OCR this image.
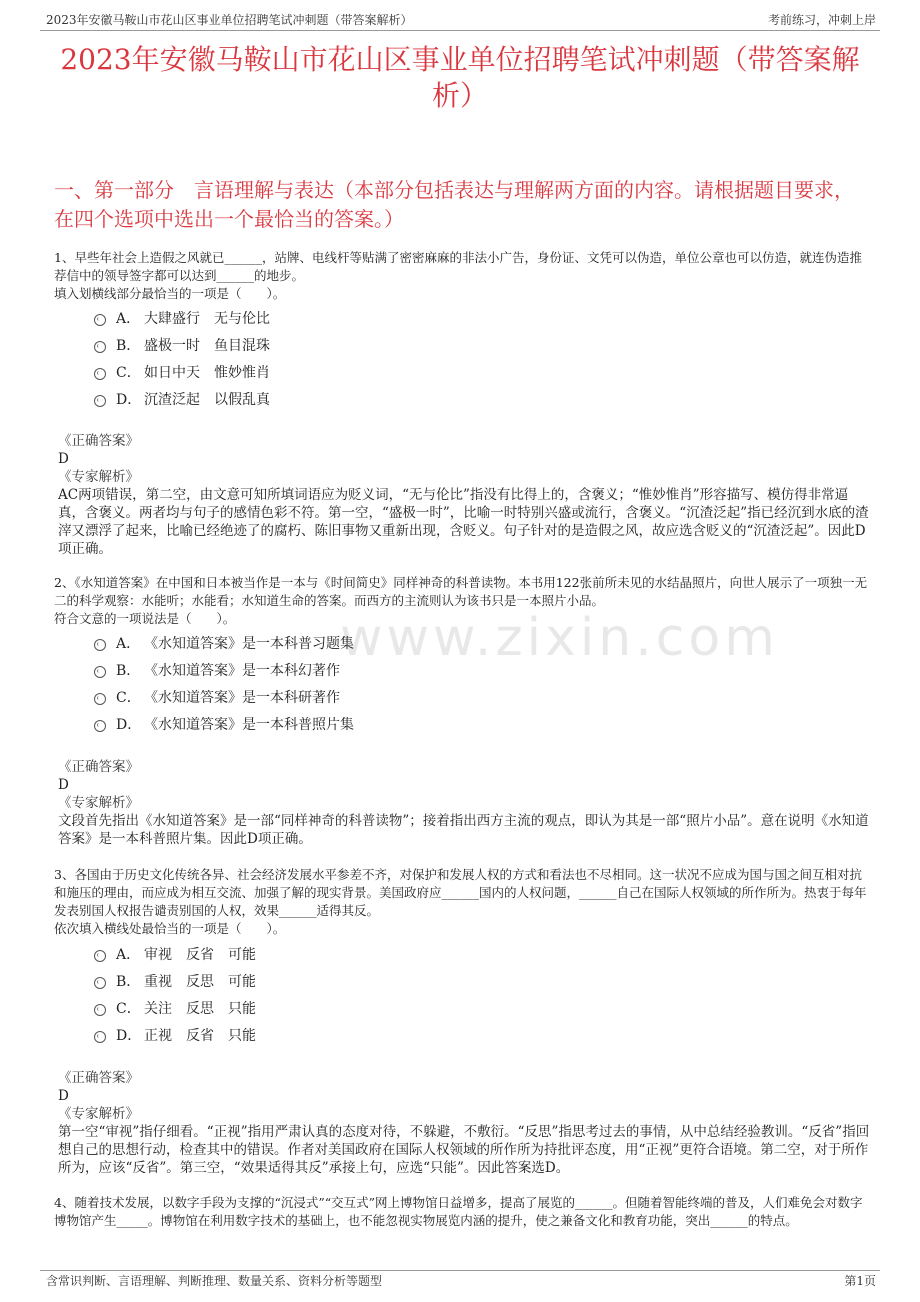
2023年安徽马鞍山市花山区事业单位招聘笔试冲刺题（带答案解析）	考前练习，冲刺上岸
2023年安徽马鞍山市花山区事业单位招聘笔试冲刺题（带答案解析）
一、第一部分　言语理解与表达（本部分包括表达与理解两方面的内容。请根据题目要求，在四个选项中选出一个最恰当的答案。）
www.zixin.com

1、早些年社会上造假之风就已______，站牌、电线杆等贴满了密密麻麻的非法小广告，身份证、文凭可以伪造，单位公章也可以仿造，就连伪造推荐信中的领导签字都可以达到______的地步。

填入划横线部分最恰当的一项是（　　）。

A． 大肆盛行　无与伦比
B． 盛极一时　鱼目混珠
C． 如日中天　惟妙惟肖
D． 沉渣泛起　以假乱真

《正确答案》

D

《专家解析》

AC两项错误，第二空，由文意可知所填词语应为贬义词，“无与伦比”指没有比得上的，含褒义；“惟妙惟肖”形容描写、模仿得非常逼真，含褒义。两者均与句子的感情色彩不符。第一空，“盛极一时”，比喻一时特别兴盛或流行，含褒义。“沉渣泛起”指已经沉到水底的渣滓又漂浮了起来，比喻已经绝迹了的腐朽、陈旧事物又重新出现，含贬义。句子针对的是造假之风，故应选含贬义的“沉渣泛起”。因此D项正确。

2、《水知道答案》在中国和日本被当作是一本与《时间简史》同样神奇的科普读物。本书用122张前所未见的水结晶照片，向世人展示了一项独一无二的科学观察：水能听；水能看；水知道生命的答案。而西方的主流则认为该书只是一本照片小品。

符合文意的一项说法是（　　）。

A． 《水知道答案》是一本科普习题集
B． 《水知道答案》是一本科幻著作
C． 《水知道答案》是一本科研著作
D． 《水知道答案》是一本科普照片集

《正确答案》

D

《专家解析》

文段首先指出《水知道答案》是一部“同样神奇的科普读物”；接着指出西方主流的观点，即认为其是一部“照片小品”。意在说明《水知道答案》是一本科普照片集。因此D项正确。

3、各国由于历史文化传统各异、社会经济发展水平参差不齐，对保护和发展人权的方式和看法也不尽相同。这一状况不应成为国与国之间互相对抗和施压的理由，而应成为相互交流、加强了解的现实背景。美国政府应______国内的人权问题，______自己在国际人权领域的所作所为。热衷于每年发表别国人权报告谴责别国的人权，效果______适得其反。

依次填入横线处最恰当的一项是（　　）。

A． 审视　反省　可能
B． 重视　反思　可能
C． 关注　反思　只能
D． 正视　反省　只能

《正确答案》

D

《专家解析》

第一空“审视”指仔细看。“正视”指用严肃认真的态度对待，不躲避，不敷衍。“反思”指思考过去的事情，从中总结经验教训。“反省”指回想自己的思想行动，检查其中的错误。作者对美国政府在国际人权领域的所作所为持批评态度，用“正视”更符合语境。第二空，对于所作所为，应该“反省”。第三空，“效果适得其反”承接上句，应选“只能”。因此答案选D。

4、随着技术发展，以数字手段为支撑的“沉浸式”“交互式”网上博物馆日益增多，提高了展览的______。但随着智能终端的普及，人们难免会对数字博物馆产生_____。博物馆在利用数字技术的基础上，也不能忽视实物展览内涵的提升，使之兼备文化和教育功能，突出______的特点。

含常识判断、言语理解、判断推理、数量关系、资料分析等题型	第1页
